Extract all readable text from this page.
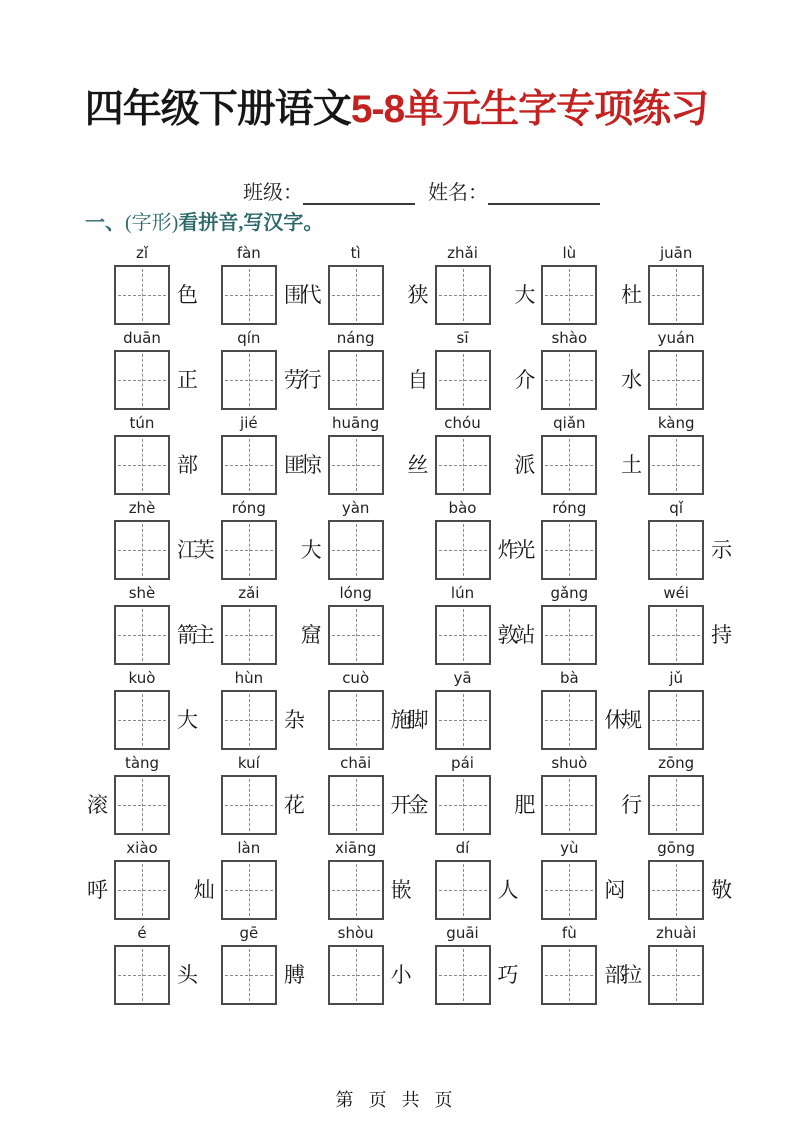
四年级下册语文5-8单元生字专项练习
班级：	姓名：
一、(字形)看拼音,写汉字。
zǐ
色
fàn
围
tì
代
zhǎi
狭
lù
大
juān
杜
duān
正
qín
劳
náng
行
sī
自
shào
介
yuán
水
tún
部
jié
匪
huāng
惊
chóu
丝
qiǎn
派
kàng
土
zhè
江
róng
芙
yàn
大
bào
炸
róng
光
qǐ
示
shè
箭
zǎi
主
lóng
窟
lún
敦
gǎng
站
wéi
持
kuò
大
hùn
杂
cuò
施
yā
脚
bà
休
jǔ
规
tàng
滚
kuí
花
chāi
开
pái
金
shuò
肥
zōng
行
xiào
呼
làn
灿
xiāng
嵌
dí
人
yù
闷
gōng
敬
é
头
gē
膊
shòu
小
guāi
巧
fù
部
zhuài
拉
第 页 共 页
